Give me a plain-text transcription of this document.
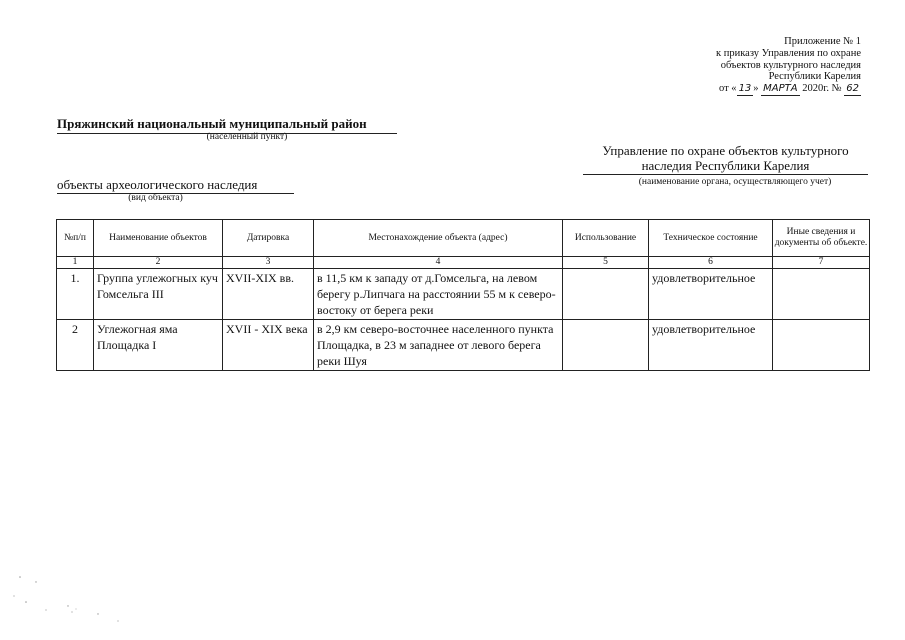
Приложение № 1
к приказу Управления по охране
объектов культурного наследия
Республики Карелия
от « 13 » МАРТА 2020г. № 62
Пряжинский национальный муниципальный район
(населенный пункт)
Управление по охране объектов культурного наследия Республики Карелия
(наименование органа, осуществляющего учет)
объекты археологического наследия
(вид объекта)
№п/п	Наименование объектов	Датировка	Местонахождение объекта (адрес)	Использование	Техническое состояние	Иные сведения и документы об объекте.
1	2	3	4	5	6	7
1.	Группа углежогных куч Гомсельга III	XVII-XIX вв.	в 11,5 км к западу от д.Гомсельга, на левом берегу р.Липчага на расстоянии 55 м к северо-востоку от берега реки		удовлетворительное	
2	Углежогная яма Площадка I	XVII - XIX века	в 2,9 км северо-восточнее населенного пункта Площадка, в 23 м западнее от левого берега реки Шуя		удовлетворительное	
